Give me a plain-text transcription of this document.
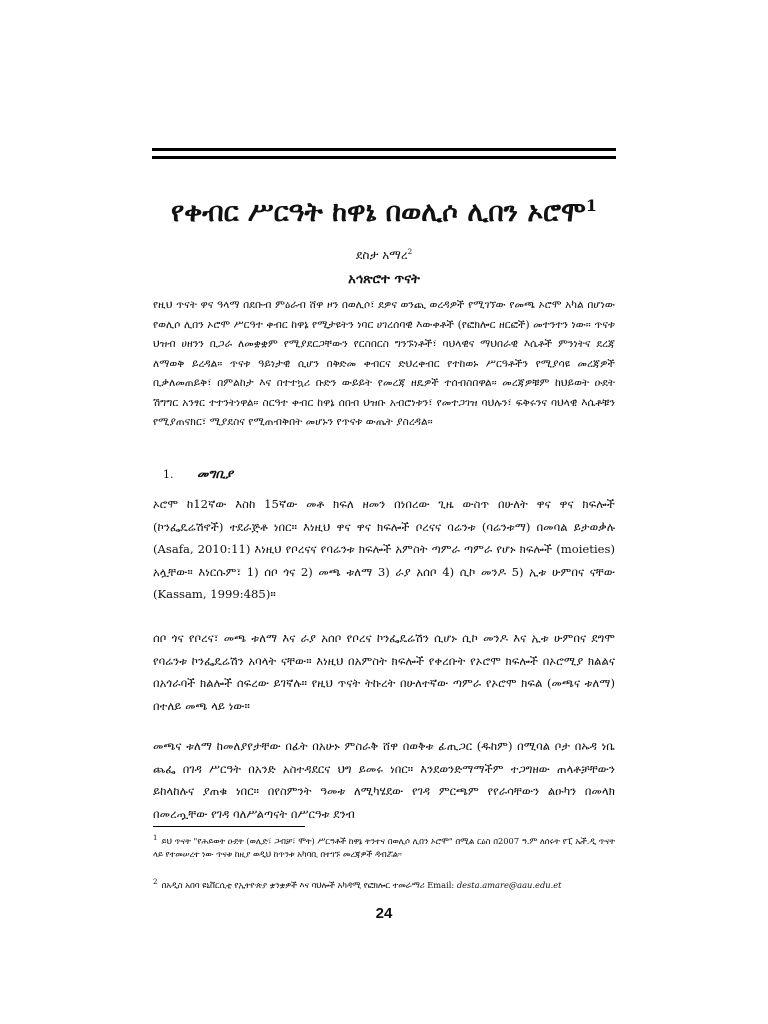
የቀብር ሥርዓት ከዋኔ በወሊሶ ሊበን ኦሮሞ$^1$
ደስታ አማረ$^2$
አኅጽሮተ ጥናት

የዚህ ጥናት ዋና ዓላማ በደቡብ ምዕራብ ሸዋ ዞን በወሊሶ፣ ደዎና ወንጪ ወረዳዎች የሚገኘው የመጫ ኦሮሞ አካል በሆነው የወሊሶ ሊበን ኦሮሞ ሥርዓተ ቀብር ከዋኔ የሚታዩትን ነባር ሀገረሰባዊ እውቀቶች (የፎክሎር ዘርፎች) መተንተን ነው። ጥናቱ ህዝብ ሀዘንን ቢጋራ ለመቋቋም የሚያደርጋቸውን የርስበርስ ግንኙነቶች፣ ባህላዊና ማህበራዊ እሴቶች ምንነትና ደረጃ ለማወቅ ይረዳል። ጥናቱ ዓይነታዊ ሲሆን በቅድመ ቀብርና ድህረቀብር የተከወኑ ሥርዓቶችን የሚያሳዩ መረጃዎች ቢቃለመጠይቅ፣ በምልከታ እና በተተኳሪ ቡድን ውይይት የመረጃ ዘዴዎች ተሰብስበዋል። መረጃዎቹም ከህይወት ዑደት ሽግግር አንፃር ተተንትነዋል። ስርዓተ ቀብር ከዋኔ ሰበብ ህዝቡ አብሮነቱን፣ የመተጋገዝ ባህሉን፣ ፍቅሩንና ባህላዊ እሴቶቹን የሚያጠናክር፣ ሚያደስና የሚጠብቅበት መሆኑን የጥናቱ ውጤት ያስረዳል።

1. መግቢያ

ኦሮሞ ከ12ኛው እስከ 15ኛው መቶ ክፍለ ዘመን በነበረው ጊዜ ውስጥ በሁለት ዋና ዋና ክፍሎች (ኮንፌዴሬሽኖች) ተደራጅቶ ነበር። እነዚህ ዋና ዋና ክፍሎች ቦረናና ባሬንቱ (ባሬንቱማ) በመባል ይታወቃሉ (Asafa, 2010:11) እነዚህ የቦረናና የባሬንቱ ክፍሎች አምስት ጣምራ ጣምራ የሆኑ ክፍሎች (moieties) አሏቸው። እነርሱም፣ 1) ሰቦ ጎና 2) መጫ ቱለማ 3) ራያ አሰቦ 4) ሲኮ መንዶ 5) ኢቱ ሁምበና ናቸው (Kassam, 1999:485)።

ሰቦ ጎና የቦረና፣ መጫ ቱለማ እና ራያ አሰቦ የቦረና ኮንፌዴሬሽን ሲሆኑ ሲኮ መንዶ እና ኢቱ ሁምበና ደግሞ የባሬንቱ ኮንፌዴሬሽን አባላት ናቸው። እነዚህ በአምስት ክፍሎች የቀረቡት የኦሮሞ ክፍሎች በኦሮሚያ ክልልና በአጎራባች ክልሎች ሰፍረው ይገኛሉ። የዚህ ጥናት ትኩረት በሁለተኛው ጣምራ የኦሮሞ ክፍል (መጫና ቱለማ) በተለይ መጫ ላይ ነው።

መጫና ቱለማ ከመለያየታቸው በፊት በአሁኑ ምስራቅ ሸዋ በወቅቱ ፊጢጋር (ዱከም) በሚባል ቦታ በኡዳ ነቤ ጨፌ በገዳ ሥርዓት በአንድ አስተዳደርና ህግ ይመሩ ነበር። እንደወንድማማችም ተጋግዘው ጠላቶቻቸውን ይከላከሉና ያጠቁ ነበር። በየስምንት ዓመቱ ለሚካሄደው የገዳ ምርጫም የየራሳቸውን ልዑካን በመላክ በመረጧቸው የገዳ ባለሥልጣናት በሥርዓቱ ደንብ

$^1$ ይህ ጥናት "የሕይወት ዑደት (ወሊድ፣ ጋብቻ፣ ሞት) ሥርዓቶች ከዋኔ ትንተና በወሊሶ ሊበን ኦሮሞ" በሚል ርዕስ በ2007 ዓ.ም ለሰሩት የፒ ኤች.ዲ ጥናት ላይ የተመሠረተ ነው ጥናቱ ከዚያ ወዲህ ከጥንቱ አካባቢ በተገኙ መረጃዎች ዳብሯል።

$^2$ በአዲስ አበባ ዩኒቨርሲቲ የኢትዮጵያ ቋንቋዎች እና ባህሎች አካዳሚ የፎክሎር ተመራማሪ Email: desta.amare@aau.edu.et

24
